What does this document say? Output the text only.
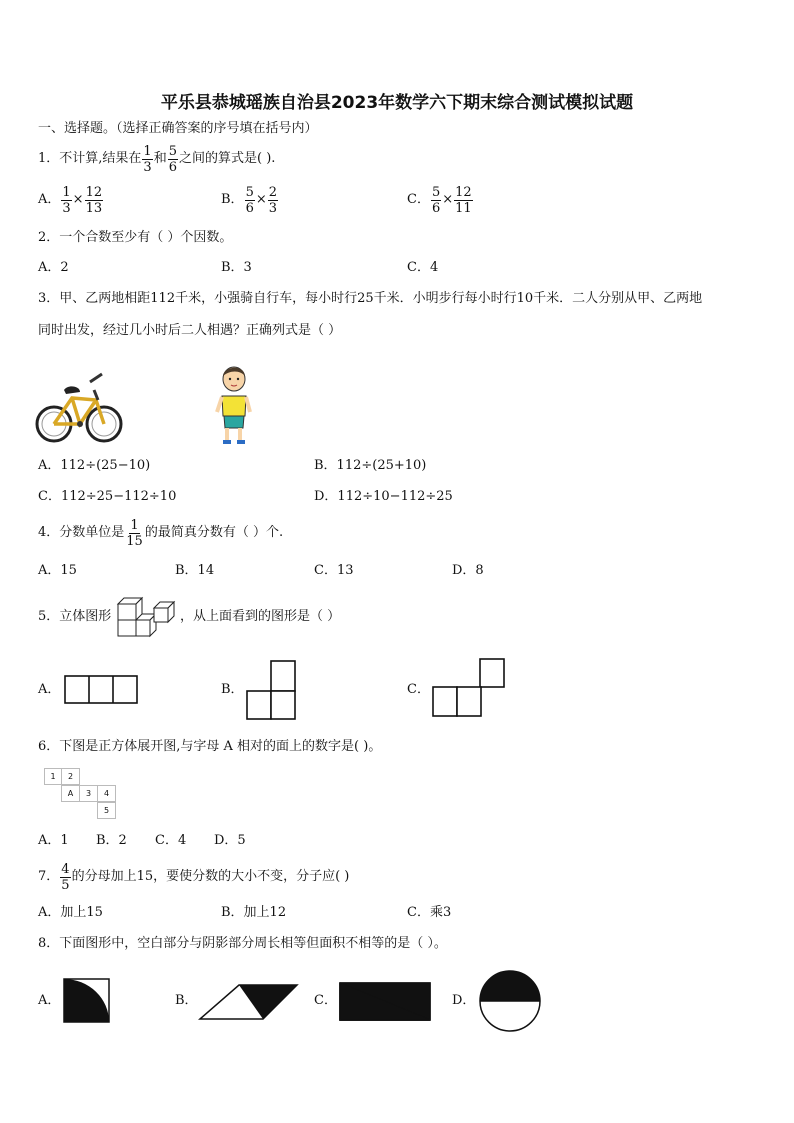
平乐县恭城瑶族自治县2023年数学六下期末综合测试模拟试题
一、选择题。（选择正确答案的序号填在括号内）
1．不计算,结果在 $\frac{1}{3}$ 和 $\frac{5}{6}$ 之间的算式是( ).
A． $\frac{1}{3} \times \frac{12}{13}$	B． $\frac{5}{6} \times \frac{2}{3}$	C． $\frac{5}{6} \times \frac{12}{11}$
2．一个合数至少有（ ）个因数。
A．2	B．3	C．4
3．甲、乙两地相距112千米，小强骑自行车，每小时行25千米．小明步行每小时行10千米．二人分别从甲、乙两地
同时出发，经过几小时后二人相遇？正确列式是（ ）
A．112÷(25−10)	B．112÷(25+10)
C．112÷25−112÷10	D．112÷10−112÷25
4．分数单位是 $\frac{1}{15}$ 的最简真分数有（ ）个.
A．15	B．14	C．13	D．8
5．立体图形	，从上面看到的图形是（ ）
A．	B．	C．
6．下图是正方体展开图,与字母 A 相对的面上的数字是( )。
1	2
A	3	4
5
A．1 B．2 C．4 D．5
7． $\frac{4}{5}$ 的分母加上15，要使分数的大小不变，分子应( )
A．加上15	B．加上12	C．乘3
8．下面图形中，空白部分与阴影部分周长相等但面积不相等的是（ ）。
A．	B．	C．	D．
